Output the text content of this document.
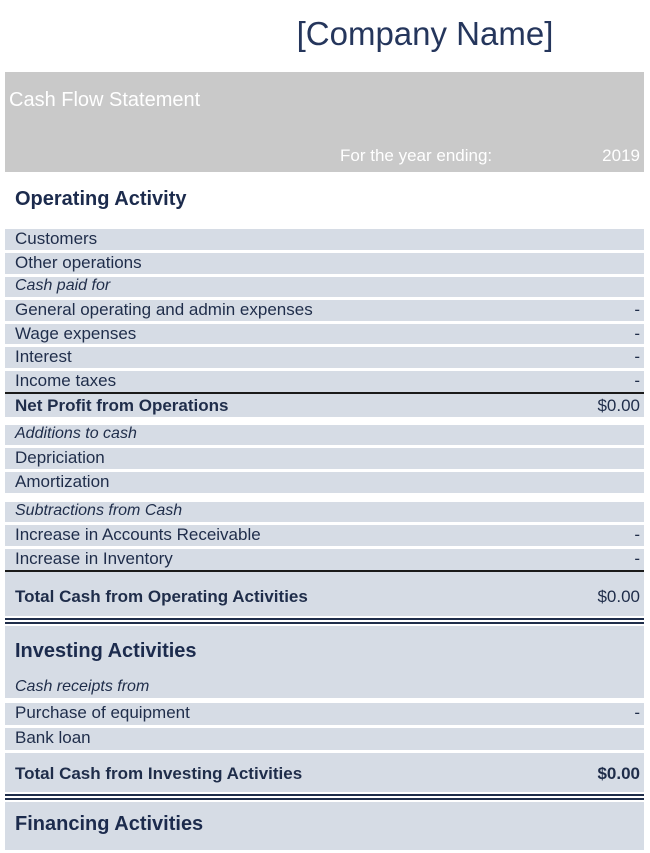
[Company Name]
Cash Flow Statement
For the year ending:	2019
Operating Activity
Customers
Other operations
Cash paid for
General operating and admin expenses	-
Wage expenses	-
Interest	-
Income taxes	-
Net Profit from Operations	$0.00
Additions to cash
Depriciation
Amortization
Subtractions from Cash
Increase in Accounts Receivable	-
Increase in Inventory	-
Total Cash from Operating Activities	$0.00
Investing Activities
Cash receipts from
Purchase of equipment	-
Bank loan
Total Cash from Investing Activities	$0.00
Financing Activities
